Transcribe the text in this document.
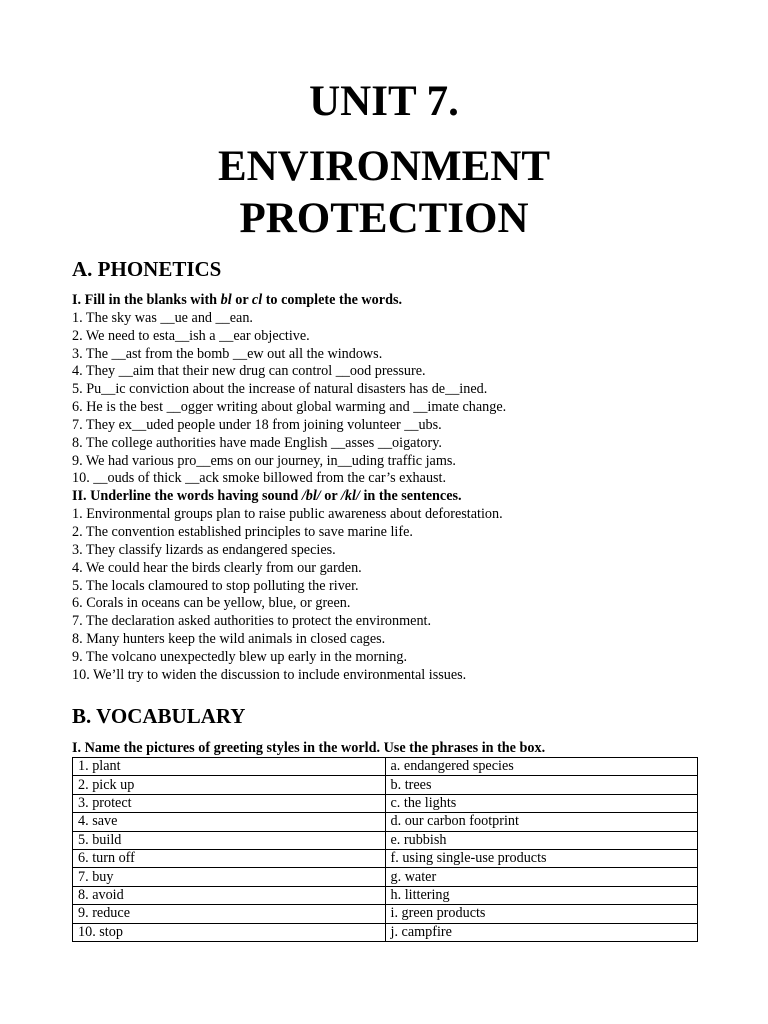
UNIT 7.
ENVIRONMENT
PROTECTION
A. PHONETICS
I. Fill in the blanks with bl or cl to complete the words.
1. The sky was __ue and __ean.
2. We need to esta__ish a __ear objective.
3. The __ast from the bomb __ew out all the windows.
4. They __aim that their new drug can control __ood pressure.
5. Pu__ic conviction about the increase of natural disasters has de__ined.
6. He is the best __ogger writing about global warming and __imate change.
7. They ex__uded people under 18 from joining volunteer __ubs.
8. The college authorities have made English __asses __oigatory.
9. We had various pro__ems on our journey, in__uding traffic jams.
10. __ouds of thick __ack smoke billowed from the car’s exhaust.
II. Underline the words having sound /bl/ or /kl/ in the sentences.
1. Environmental groups plan to raise public awareness about deforestation.
2. The convention established principles to save marine life.
3. They classify lizards as endangered species.
4. We could hear the birds clearly from our garden.
5. The locals clamoured to stop polluting the river.
6. Corals in oceans can be yellow, blue, or green.
7. The declaration asked authorities to protect the environment.
8. Many hunters keep the wild animals in closed cages.
9. The volcano unexpectedly blew up early in the morning.
10. We’ll try to widen the discussion to include environmental issues.
B. VOCABULARY
I. Name the pictures of greeting styles in the world. Use the phrases in the box.
1. plant	a. endangered species
2. pick up	b. trees
3. protect	c. the lights
4. save	d. our carbon footprint
5. build	e. rubbish
6. turn off	f. using single-use products
7. buy	g. water
8. avoid	h. littering
9. reduce	i. green products
10. stop	j. campfire
